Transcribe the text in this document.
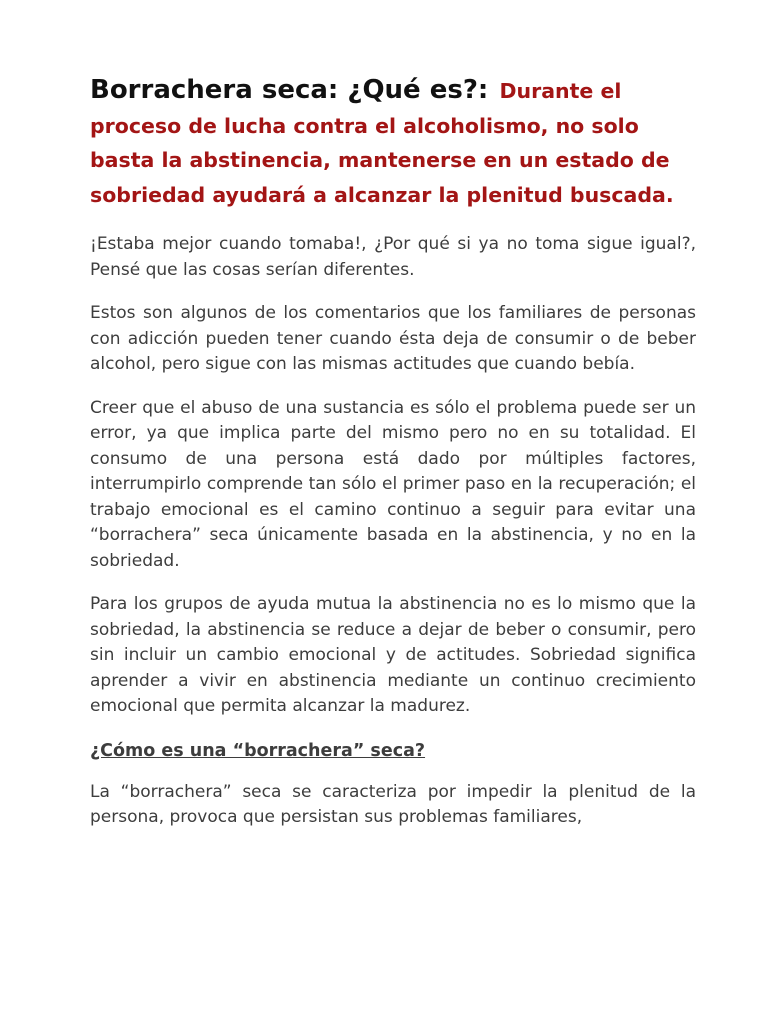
Borrachera seca: ¿Qué es?: Durante el proceso de lucha contra el alcoholismo, no solo basta la abstinencia, mantenerse en un estado de sobriedad ayudará a alcanzar la plenitud buscada.

¡Estaba mejor cuando tomaba!, ¿Por qué si ya no toma sigue igual?, Pensé que las cosas serían diferentes.

Estos son algunos de los comentarios que los familiares de personas con adicción pueden tener cuando ésta deja de consumir o de beber alcohol, pero sigue con las mismas actitudes que cuando bebía.

Creer que el abuso de una sustancia es sólo el problema puede ser un error, ya que implica parte del mismo pero no en su totalidad. El consumo de una persona está dado por múltiples factores, interrumpirlo comprende tan sólo el primer paso en la recuperación; el trabajo emocional es el camino continuo a seguir para evitar una “borrachera” seca únicamente basada en la abstinencia, y no en la sobriedad.

Para los grupos de ayuda mutua la abstinencia no es lo mismo que la sobriedad, la abstinencia se reduce a dejar de beber o consumir, pero sin incluir un cambio emocional y de actitudes. Sobriedad significa aprender a vivir en abstinencia mediante un continuo crecimiento emocional que permita alcanzar la madurez.

¿Cómo es una “borrachera” seca?

La “borrachera” seca se caracteriza por impedir la plenitud de la persona, provoca que persistan sus problemas familiares,
